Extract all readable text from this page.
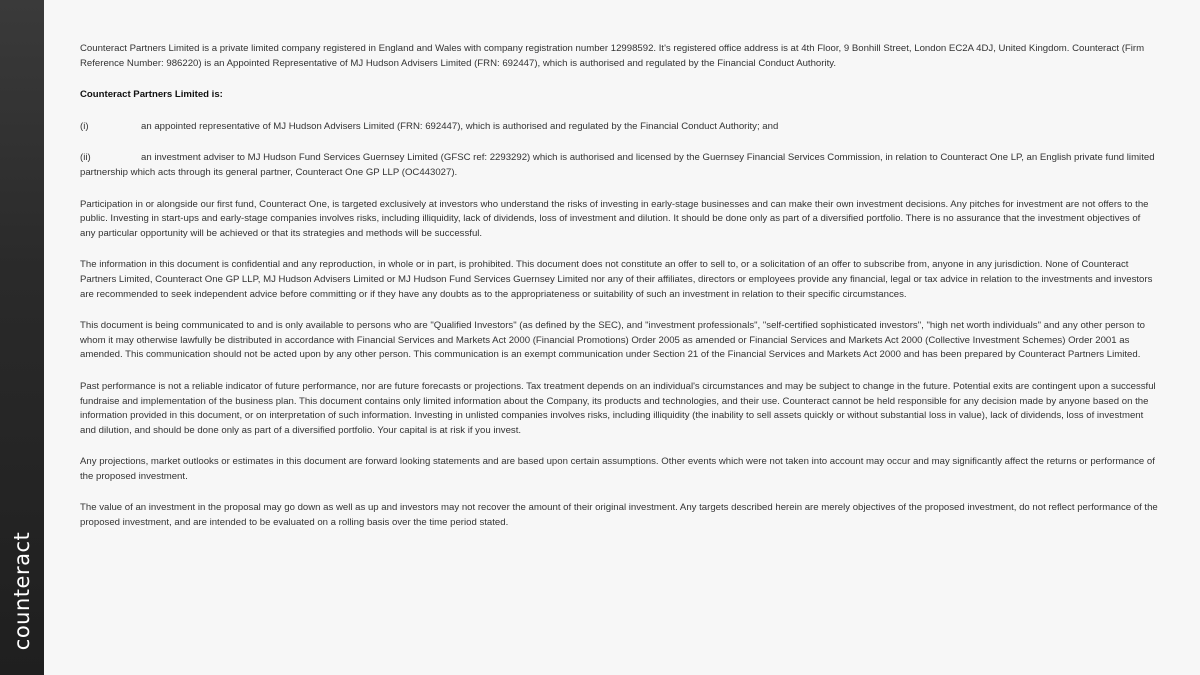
counteract

Counteract Partners Limited is a private limited company registered in England and Wales with company registration number 12998592. It's registered office address is at 4th Floor, 9 Bonhill Street, London EC2A 4DJ, United Kingdom. Counteract (Firm Reference Number: 986220) is an Appointed Representative of MJ Hudson Advisers Limited (FRN: 692447), which is authorised and regulated by the Financial Conduct Authority.

Counteract Partners Limited is:

(i)	an appointed representative of MJ Hudson Advisers Limited (FRN: 692447), which is authorised and regulated by the Financial Conduct Authority; and

(ii)	an investment adviser to MJ Hudson Fund Services Guernsey Limited (GFSC ref: 2293292) which is authorised and licensed by the Guernsey Financial Services Commission, in relation to Counteract One LP, an English private fund limited partnership which acts through its general partner, Counteract One GP LLP (OC443027).

Participation in or alongside our first fund, Counteract One, is targeted exclusively at investors who understand the risks of investing in early-stage businesses and can make their own investment decisions. Any pitches for investment are not offers to the public. Investing in start-ups and early-stage companies involves risks, including illiquidity, lack of dividends, loss of investment and dilution. It should be done only as part of a diversified portfolio. There is no assurance that the investment objectives of any particular opportunity will be achieved or that its strategies and methods will be successful.

The information in this document is confidential and any reproduction, in whole or in part, is prohibited. This document does not constitute an offer to sell to, or a solicitation of an offer to subscribe from, anyone in any jurisdiction. None of Counteract Partners Limited, Counteract One GP LLP, MJ Hudson Advisers Limited or MJ Hudson Fund Services Guernsey Limited nor any of their affiliates, directors or employees provide any financial, legal or tax advice in relation to the investments and investors are recommended to seek independent advice before committing or if they have any doubts as to the appropriateness or suitability of such an investment in relation to their specific circumstances.

This document is being communicated to and is only available to persons who are "Qualified Investors" (as defined by the SEC), and "investment professionals", "self-certified sophisticated investors", "high net worth individuals" and any other person to whom it may otherwise lawfully be distributed in accordance with Financial Services and Markets Act 2000 (Financial Promotions) Order 2005 as amended or Financial Services and Markets Act 2000 (Collective Investment Schemes) Order 2001 as amended. This communication should not be acted upon by any other person. This communication is an exempt communication under Section 21 of the Financial Services and Markets Act 2000 and has been prepared by Counteract Partners Limited.

Past performance is not a reliable indicator of future performance, nor are future forecasts or projections. Tax treatment depends on an individual's circumstances and may be subject to change in the future. Potential exits are contingent upon a successful fundraise and implementation of the business plan. This document contains only limited information about the Company, its products and technologies, and their use. Counteract cannot be held responsible for any decision made by anyone based on the information provided in this document, or on interpretation of such information. Investing in unlisted companies involves risks, including illiquidity (the inability to sell assets quickly or without substantial loss in value), lack of dividends, loss of investment and dilution, and should be done only as part of a diversified portfolio. Your capital is at risk if you invest.

Any projections, market outlooks or estimates in this document are forward looking statements and are based upon certain assumptions. Other events which were not taken into account may occur and may significantly affect the returns or performance of the proposed investment.

The value of an investment in the proposal may go down as well as up and investors may not recover the amount of their original investment. Any targets described herein are merely objectives of the proposed investment, do not reflect performance of the proposed investment, and are intended to be evaluated on a rolling basis over the time period stated.
